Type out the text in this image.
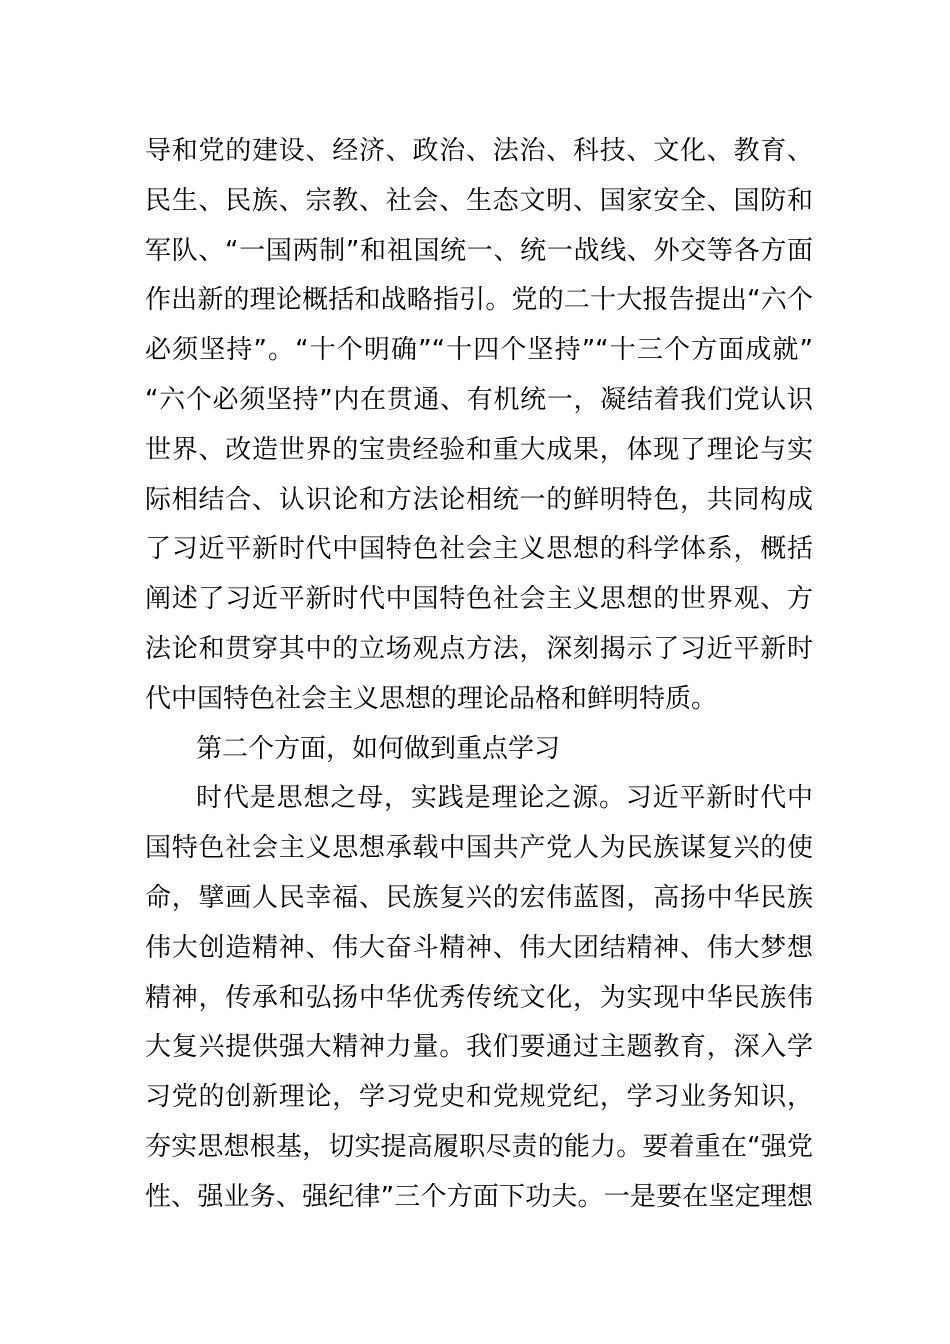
导和党的建设、经济、政治、法治、科技、文化、教育、
民生、民族、宗教、社会、生态文明、国家安全、国防和
军队、“一国两制”和祖国统一、统一战线、外交等各方面
作出新的理论概括和战略指引。党的二十大报告提出“六个
必须坚持”。“十个明确”“十四个坚持”“十三个方面成就”
“六个必须坚持”内在贯通、有机统一，凝结着我们党认识
世界、改造世界的宝贵经验和重大成果，体现了理论与实
际相结合、认识论和方法论相统一的鲜明特色，共同构成
了习近平新时代中国特色社会主义思想的科学体系，概括
阐述了习近平新时代中国特色社会主义思想的世界观、方
法论和贯穿其中的立场观点方法，深刻揭示了习近平新时
代中国特色社会主义思想的理论品格和鲜明特质。
第二个方面，如何做到重点学习
时代是思想之母，实践是理论之源。习近平新时代中
国特色社会主义思想承载中国共产党人为民族谋复兴的使
命，擘画人民幸福、民族复兴的宏伟蓝图，高扬中华民族
伟大创造精神、伟大奋斗精神、伟大团结精神、伟大梦想
精神，传承和弘扬中华优秀传统文化，为实现中华民族伟
大复兴提供强大精神力量。我们要通过主题教育，深入学
习党的创新理论，学习党史和党规党纪，学习业务知识，
夯实思想根基，切实提高履职尽责的能力。要着重在“强党
性、强业务、强纪律”三个方面下功夫。一是要在坚定理想
